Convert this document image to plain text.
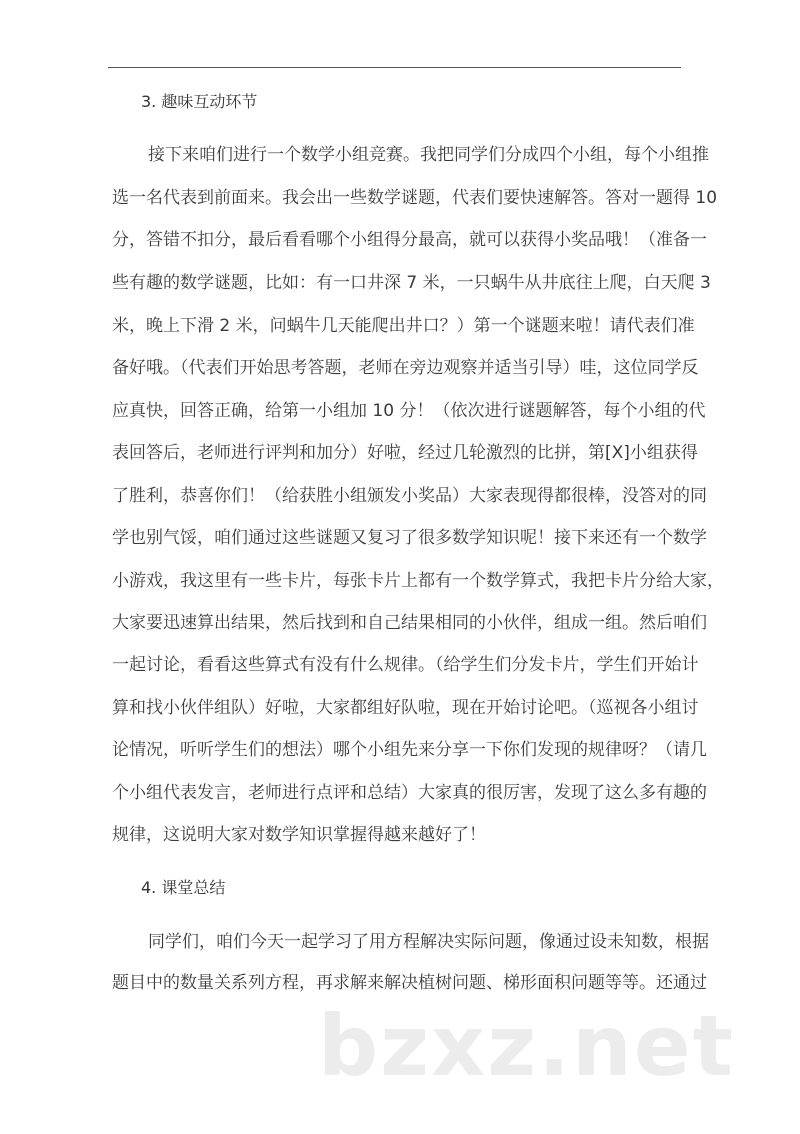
3. 趣味互动环节
接下来咱们进行一个数学小组竞赛。我把同学们分成四个小组，每个小组推
选一名代表到前面来。我会出一些数学谜题，代表们要快速解答。答对一题得 10
分，答错不扣分，最后看看哪个小组得分最高，就可以获得小奖品哦！（准备一
些有趣的数学谜题，比如：有一口井深 7 米，一只蜗牛从井底往上爬，白天爬 3
米，晚上下滑 2 米，问蜗牛几天能爬出井口？）第一个谜题来啦！请代表们准
备好哦。（代表们开始思考答题，老师在旁边观察并适当引导）哇，这位同学反
应真快，回答正确，给第一小组加 10 分！（依次进行谜题解答，每个小组的代
表回答后，老师进行评判和加分）好啦，经过几轮激烈的比拼，第[X]小组获得
了胜利，恭喜你们！（给获胜小组颁发小奖品）大家表现得都很棒，没答对的同
学也别气馁，咱们通过这些谜题又复习了很多数学知识呢！接下来还有一个数学
小游戏，我这里有一些卡片，每张卡片上都有一个数学算式，我把卡片分给大家，
大家要迅速算出结果，然后找到和自己结果相同的小伙伴，组成一组。然后咱们
一起讨论，看看这些算式有没有什么规律。（给学生们分发卡片，学生们开始计
算和找小伙伴组队）好啦，大家都组好队啦，现在开始讨论吧。（巡视各小组讨
论情况，听听学生们的想法）哪个小组先来分享一下你们发现的规律呀？（请几
个小组代表发言，老师进行点评和总结）大家真的很厉害，发现了这么多有趣的
规律，这说明大家对数学知识掌握得越来越好了！
4. 课堂总结
同学们，咱们今天一起学习了用方程解决实际问题，像通过设未知数，根据
题目中的数量关系列方程，再求解来解决植树问题、梯形面积问题等等。还通过
bzxz.net
